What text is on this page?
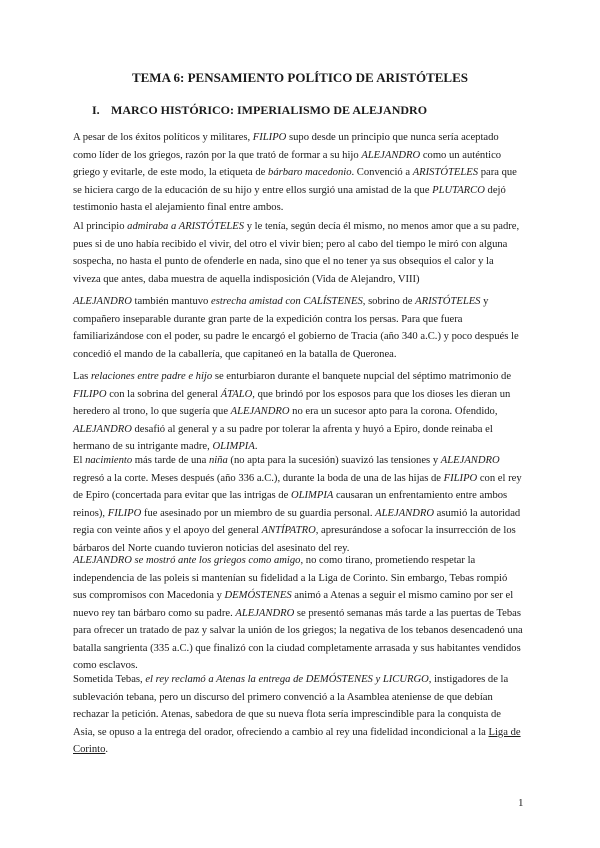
TEMA 6: PENSAMIENTO POLÍTICO DE ARISTÓTELES
I. MARCO HISTÓRICO: IMPERIALISMO DE ALEJANDRO

A pesar de los éxitos políticos y militares, FILIPO supo desde un principio que nunca sería aceptado como líder de los griegos, razón por la que trató de formar a su hijo ALEJANDRO como un auténtico griego y evitarle, de este modo, la etiqueta de bárbaro macedonio. Convenció a ARISTÓTELES para que se hiciera cargo de la educación de su hijo y entre ellos surgió una amistad de la que PLUTARCO dejó testimonio hasta el alejamiento final entre ambos.

Al principio admiraba a ARISTÓTELES y le tenía, según decía él mismo, no menos amor que a su padre, pues si de uno había recibido el vivir, del otro el vivir bien; pero al cabo del tiempo le miró con alguna sospecha, no hasta el punto de ofenderle en nada, sino que el no tener ya sus obsequios el calor y la viveza que antes, daba muestra de aquella indisposición (Vida de Alejandro, VIII)

ALEJANDRO también mantuvo estrecha amistad con CALÍSTENES, sobrino de ARISTÓTELES y compañero inseparable durante gran parte de la expedición contra los persas. Para que fuera familiarizándose con el poder, su padre le encargó el gobierno de Tracia (año 340 a.C.) y poco después le concedió el mando de la caballería, que capitaneó en la batalla de Queronea.

Las relaciones entre padre e hijo se enturbiaron durante el banquete nupcial del séptimo matrimonio de FILIPO con la sobrina del general ÁTALO, que brindó por los esposos para que los dioses les dieran un heredero al trono, lo que sugería que ALEJANDRO no era un sucesor apto para la corona. Ofendido, ALEJANDRO desafió al general y a su padre por tolerar la afrenta y huyó a Epiro, donde reinaba el hermano de su intrigante madre, OLIMPIA.

El nacimiento más tarde de una niña (no apta para la sucesión) suavizó las tensiones y ALEJANDRO regresó a la corte. Meses después (año 336 a.C.), durante la boda de una de las hijas de FILIPO con el rey de Epiro (concertada para evitar que las intrigas de OLIMPIA causaran un enfrentamiento entre ambos reinos), FILIPO fue asesinado por un miembro de su guardia personal. ALEJANDRO asumió la autoridad regia con veinte años y el apoyo del general ANTÍPATRO, apresurándose a sofocar la insurrección de los bárbaros del Norte cuando tuvieron noticias del asesinato del rey.

ALEJANDRO se mostró ante los griegos como amigo, no como tirano, prometiendo respetar la independencia de las poleis si mantenían su fidelidad a la Liga de Corinto. Sin embargo, Tebas rompió sus compromisos con Macedonia y DEMÓSTENES animó a Atenas a seguir el mismo camino por ser el nuevo rey tan bárbaro como su padre. ALEJANDRO se presentó semanas más tarde a las puertas de Tebas para ofrecer un tratado de paz y salvar la unión de los griegos; la negativa de los tebanos desencadenó una batalla sangrienta (335 a.C.) que finalizó con la ciudad completamente arrasada y sus habitantes vendidos como esclavos.

Sometida Tebas, el rey reclamó a Atenas la entrega de DEMÓSTENES y LICURGO, instigadores de la sublevación tebana, pero un discurso del primero convenció a la Asamblea ateniense de que debían rechazar la petición. Atenas, sabedora de que su nueva flota sería imprescindible para la conquista de Asia, se opuso a la entrega del orador, ofreciendo a cambio al rey una fidelidad incondicional a la Liga de Corinto.

1
